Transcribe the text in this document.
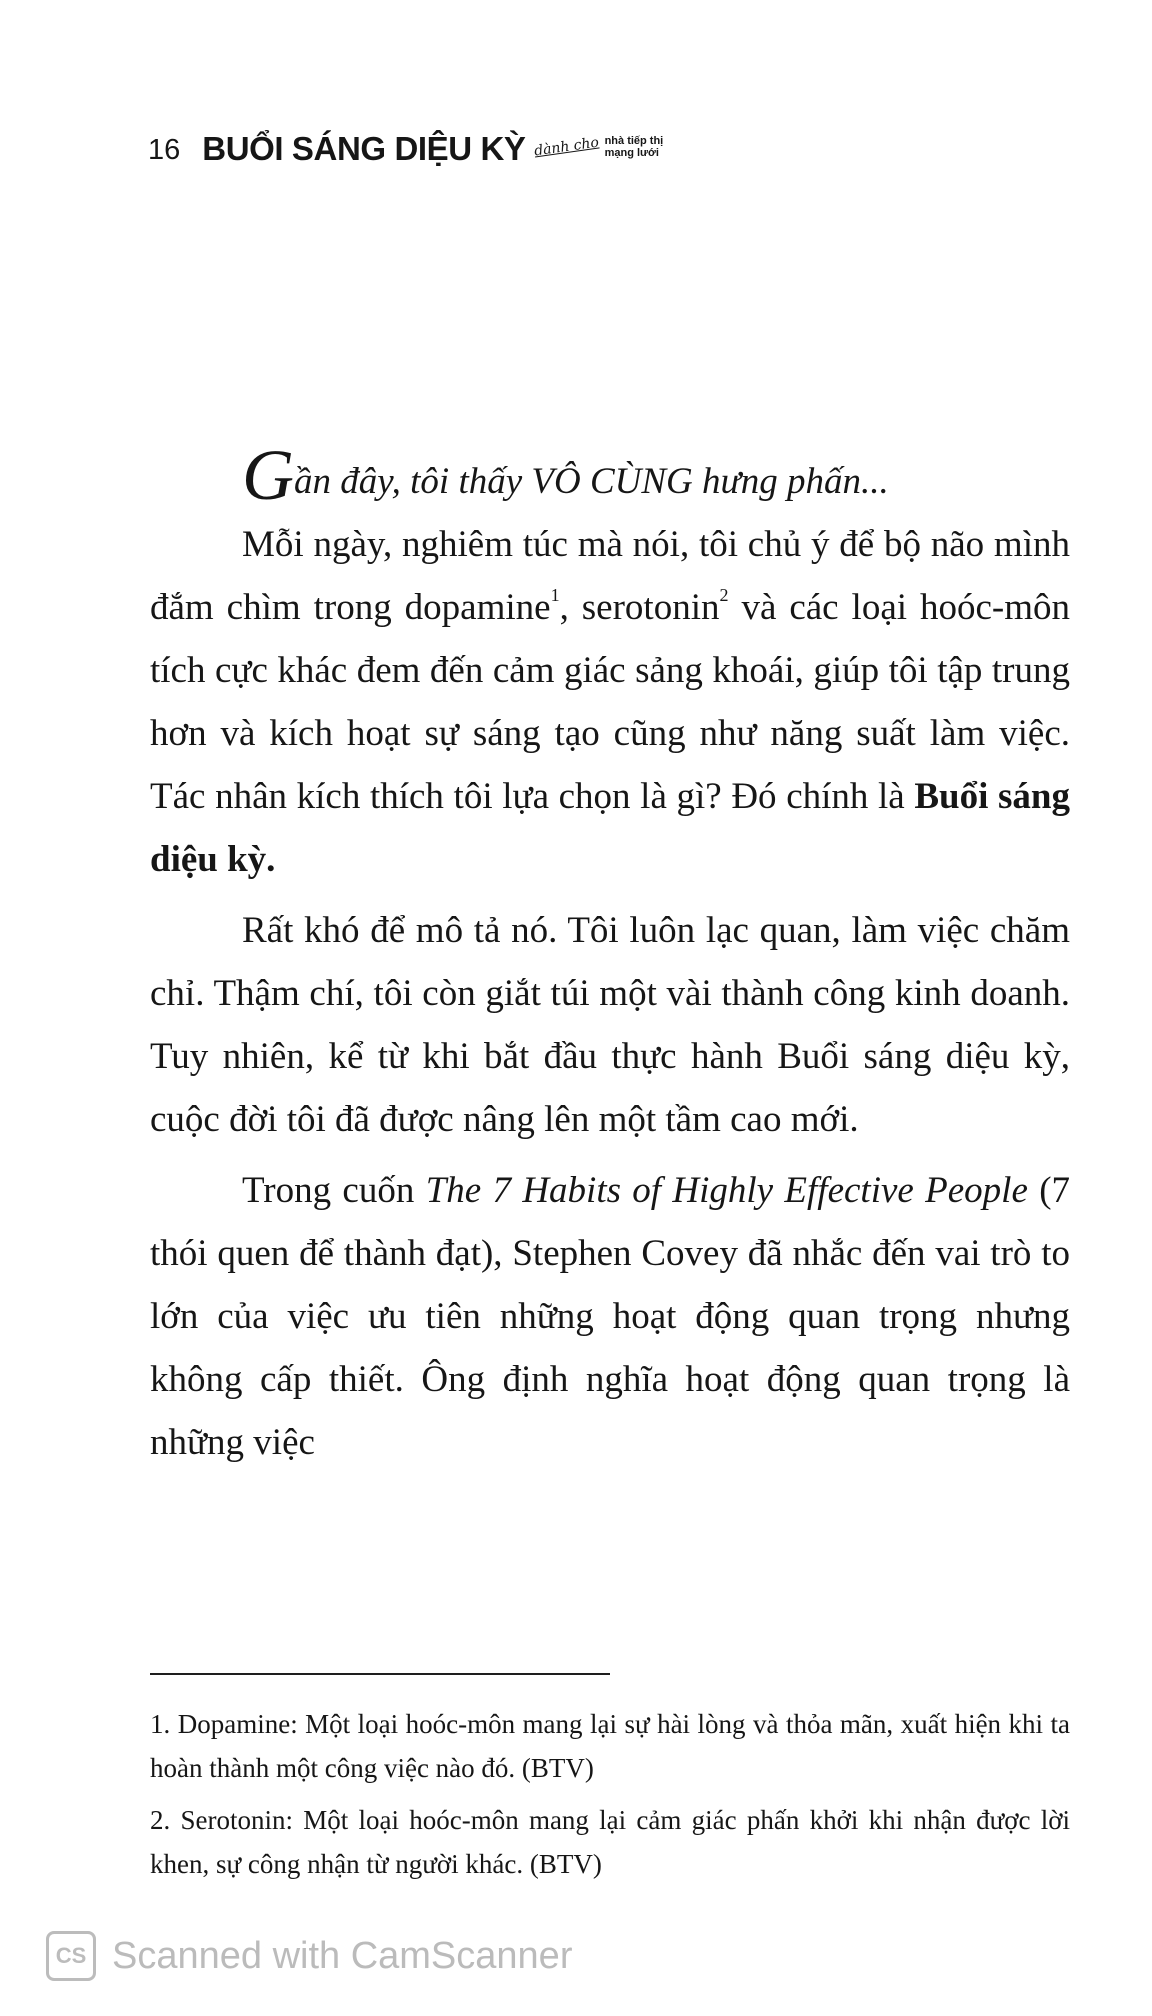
16 BUỔI SÁNG DIỆU KỲ dành cho nhà tiếp thị
mạng lưới

Gần đây, tôi thấy VÔ CÙNG hưng phấn...

Mỗi ngày, nghiêm túc mà nói, tôi chủ ý để bộ não mình đắm chìm trong dopamine$^1$, serotonin$^2$ và các loại hoóc-môn tích cực khác đem đến cảm giác sảng khoái, giúp tôi tập trung hơn và kích hoạt sự sáng tạo cũng như năng suất làm việc. Tác nhân kích thích tôi lựa chọn là gì? Đó chính là Buổi sáng diệu kỳ.

Rất khó để mô tả nó. Tôi luôn lạc quan, làm việc chăm chỉ. Thậm chí, tôi còn giắt túi một vài thành công kinh doanh. Tuy nhiên, kể từ khi bắt đầu thực hành Buổi sáng diệu kỳ, cuộc đời tôi đã được nâng lên một tầm cao mới.

Trong cuốn The 7 Habits of Highly Effective People (7 thói quen để thành đạt), Stephen Covey đã nhắc đến vai trò to lớn của việc ưu tiên những hoạt động quan trọng nhưng không cấp thiết. Ông định nghĩa hoạt động quan trọng là những việc

1. Dopamine: Một loại hoóc-môn mang lại sự hài lòng và thỏa mãn, xuất hiện khi ta hoàn thành một công việc nào đó. (BTV)

2. Serotonin: Một loại hoóc-môn mang lại cảm giác phấn khởi khi nhận được lời khen, sự công nhận từ người khác. (BTV)

CS Scanned with CamScanner
